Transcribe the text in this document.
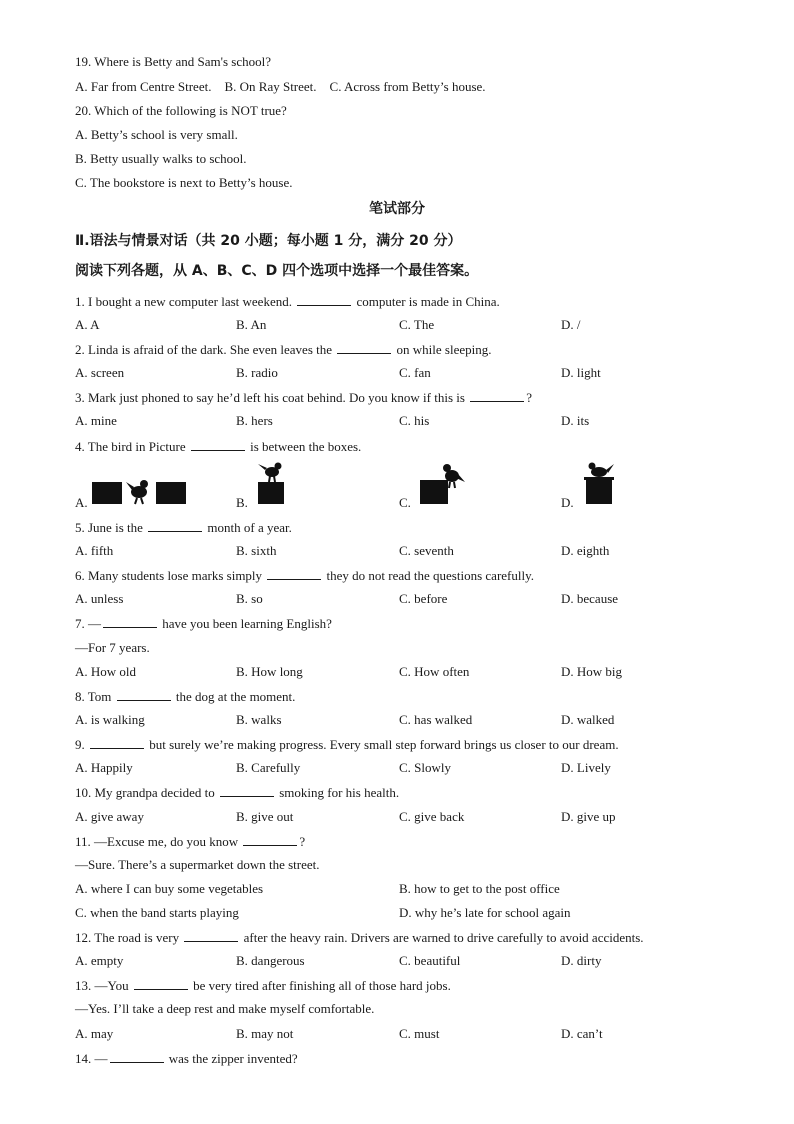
19. Where is Betty and Sam's school?
A. Far from Centre Street. B. On Ray Street. C. Across from Betty’s house.
20. Which of the following is NOT true?
A. Betty’s school is very small.
B. Betty usually walks to school.
C. The bookstore is next to Betty’s house.
笔试部分
Ⅱ.语法与情景对话（共 20 小题；每小题 1 分，满分 20 分）
阅读下列各题，从 A、B、C、D 四个选项中选择一个最佳答案。
1. I bought a new computer last weekend.	computer is made in China.
A. A	B. An	C. The	D. /
2. Linda is afraid of the dark. She even leaves the	on while sleeping.
A. screen	B. radio	C. fan	D. light
3. Mark just phoned to say he’d left his coat behind. Do you know if this is	?
A. mine	B. hers	C. his	D. its
4. The bird in Picture	is between the boxes.
A.	B.	C.	D.
5. June is the	month of a year.
A. fifth	B. sixth	C. seventh	D. eighth
6. Many students lose marks simply	they do not read the questions carefully.
A. unless	B. so	C. before	D. because
7. —	have you been learning English?
—For 7 years.
A. How old	B. How long	C. How often	D. How big
8. Tom	the dog at the moment.
A. is walking	B. walks	C. has walked	D. walked
9.	but surely we’re making progress. Every small step forward brings us closer to our dream.
A. Happily	B. Carefully	C. Slowly	D. Lively
10. My grandpa decided to	smoking for his health.
A. give away	B. give out	C. give back	D. give up
11. —Excuse me, do you know	?
—Sure. There’s a supermarket down the street.
A. where I can buy some vegetables	B. how to get to the post office
C. when the band starts playing	D. why he’s late for school again
12. The road is very	after the heavy rain. Drivers are warned to drive carefully to avoid accidents.
A. empty	B. dangerous	C. beautiful	D. dirty
13. —You	be very tired after finishing all of those hard jobs.
—Yes. I’ll take a deep rest and make myself comfortable.
A. may	B. may not	C. must	D. can’t
14. —	was the zipper invented?
